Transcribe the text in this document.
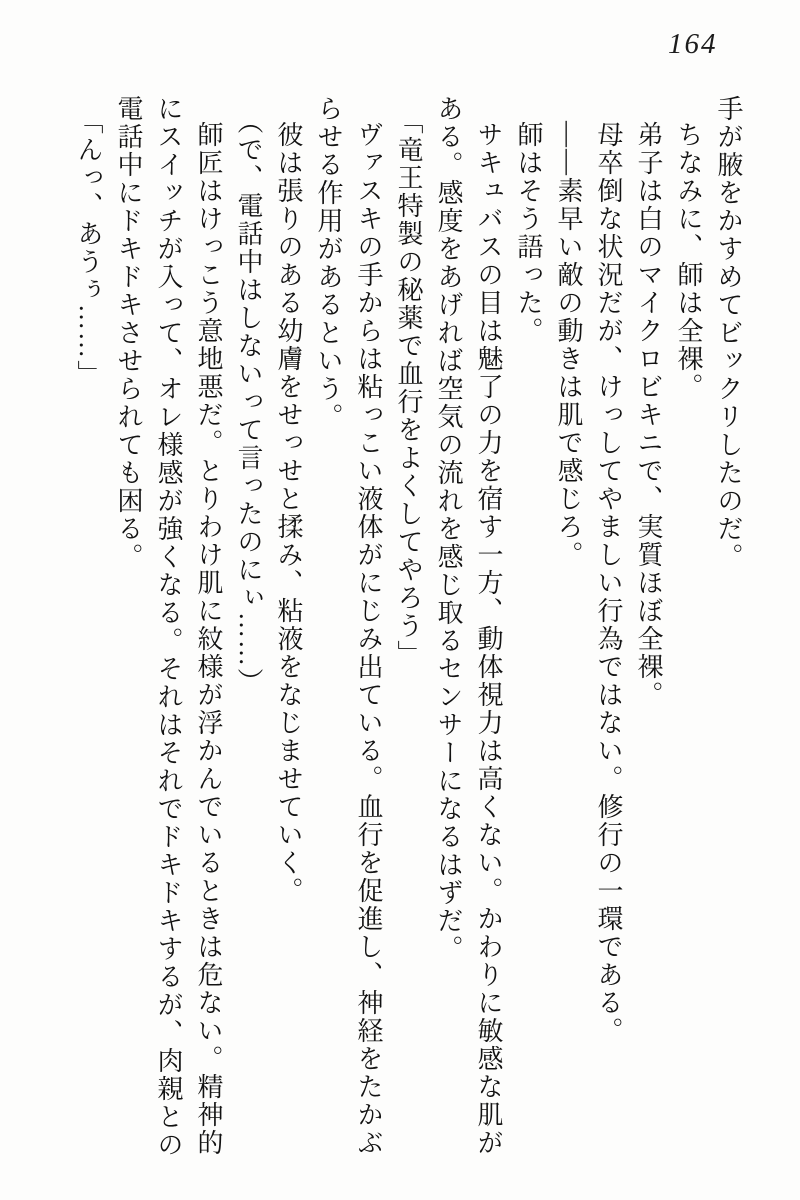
164

手が腋をかすめてビックリしたのだ。

ちなみに、師は全裸。

弟子は白のマイクロビキニで、実質ほぼ全裸。

母卒倒な状況だが、けっしてやましい行為ではない。修行の一環である。

――素早い敵の動きは肌で感じろ。

師はそう語った。

サキュバスの目は魅了の力を宿す一方、動体視力は高くない。かわりに敏感な肌がある。感度をあげれば空気の流れを感じ取るセンサーになるはずだ。

「竜王特製の秘薬で血行をよくしてやろう」

ヴァスキの手からは粘っこい液体がにじみ出ている。血行を促進し、神経をたかぶらせる作用があるという。

彼は張りのある幼膚をせっせと揉み、粘液をなじませていく。

（で、電話中はしないって言ったのにぃ……）

師匠はけっこう意地悪だ。とりわけ肌に紋様が浮かんでいるときは危ない。精神的にスイッチが入って、オレ様感が強くなる。それはそれでドキドキするが、肉親との電話中にドキドキさせられても困る。

「んっ、あうぅ……」
